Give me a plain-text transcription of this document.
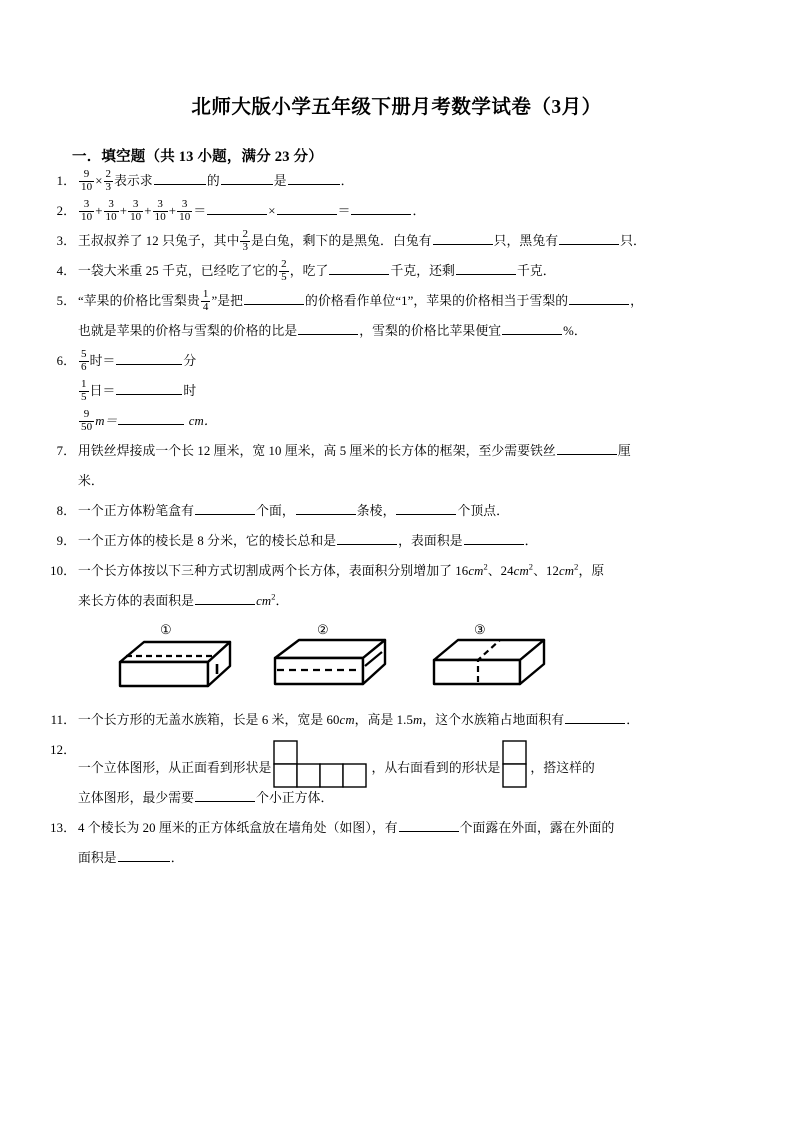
北师大版小学五年级下册月考数学试卷（3月）
一．填空题（共 13 小题，满分 23 分）
1． $\frac{9}{10} \times \frac{2}{3}$ 表示求	的	是	．
2． $\frac{3}{10} + \frac{3}{10} + \frac{3}{10} + \frac{3}{10} + \frac{3}{10}$ ＝	×	＝	．
3． 王叔叔养了 12 只兔子，其中 $\frac{2}{3}$ 是白兔，剩下的是黑兔．白兔有	只，黑兔有	只．
4． 一袋大米重 25 千克，已经吃了它的 $\frac{2}{5}$ ，吃了	千克，还剩	千克．
5． “苹果的价格比雪梨贵 $\frac{1}{4}$ ”是把	的价格看作单位“1”，苹果的价格相当于雪梨的	，
也就是苹果的价格与雪梨的价格的比是	，雪梨的价格比苹果便宜	%．
6． $\frac{5}{6}$ 时＝	分
$\frac{1}{5}$ 日＝	时
$\frac{9}{50} m=$	cm．
7． 用铁丝焊接成一个长 12 厘米，宽 10 厘米，高 5 厘米的长方体的框架，至少需要铁丝	厘
米．
8． 一个正方体粉笔盒有	个面，	条棱，	个顶点．
9． 一个正方体的棱长是 8 分米，它的棱长总和是	，表面积是	．
10． 一个长方体按以下三种方式切割成两个长方体，表面积分别增加了 $16cm^2$、$24cm^2$、$12cm^2$，原
来长方体的表面积是	$cm^2$．
①	②	③
11． 一个长方形的无盖水族箱，长是 6 米，宽是 60cm，高是 1.5m，这个水族箱占地面积有	．
12．
一个立体图形，从正面看到形状是	，从右面看到的形状是 ，搭这样的
立体图形，最少需要	个小正方体．
13． 4 个棱长为 20 厘米的正方体纸盒放在墙角处（如图），有	个面露在外面，露在外面的
面积是	．
